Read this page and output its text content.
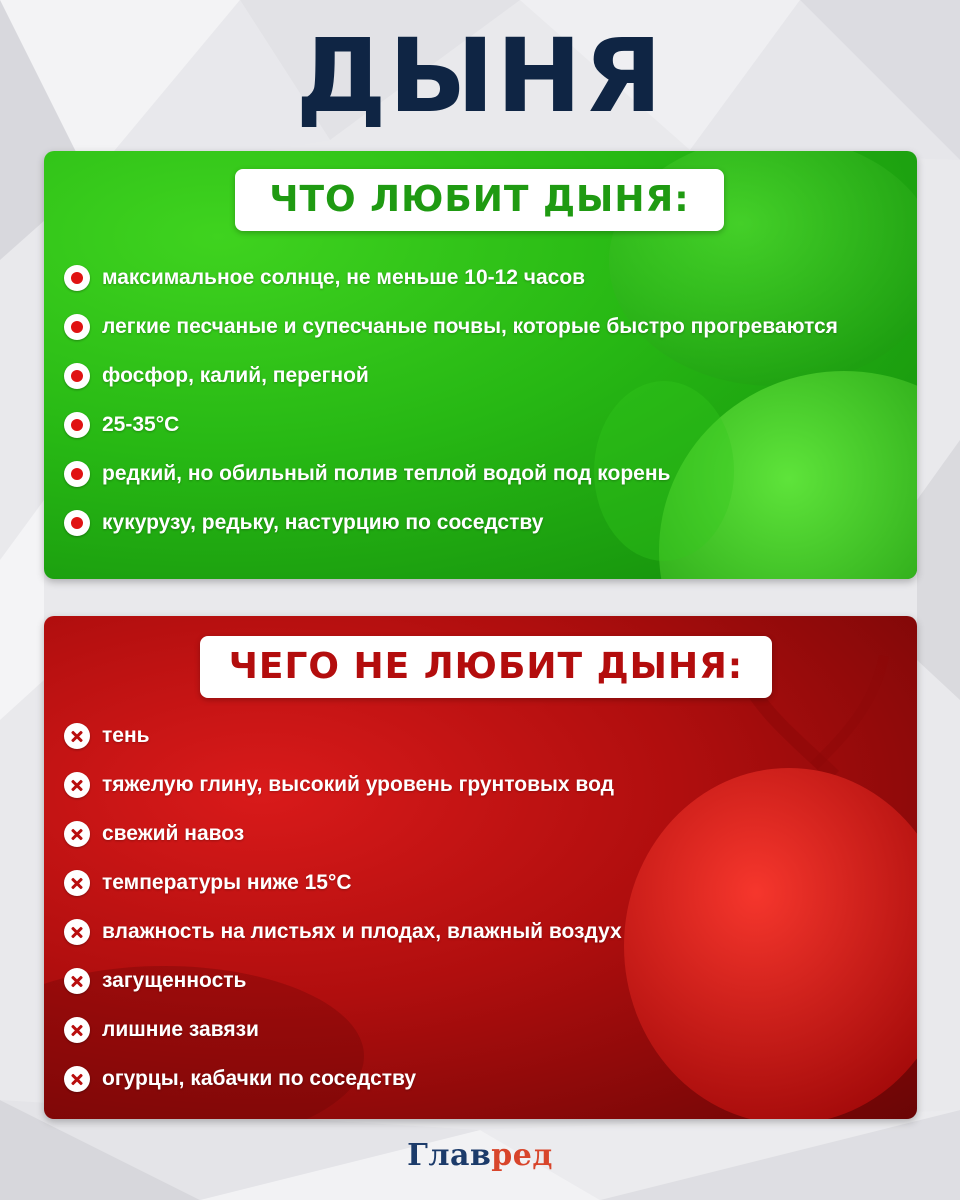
ДЫНЯ
ЧТО ЛЮБИТ ДЫНЯ:
максимальное солнце, не меньше 10-12 часов
легкие песчаные и супесчаные почвы, которые быстро прогреваются
фосфор, калий, перегной
25-35°С
редкий, но обильный полив теплой водой под корень
кукурузу, редьку, настурцию по соседству
ЧЕГО НЕ ЛЮБИТ ДЫНЯ:
тень
тяжелую глину, высокий уровень грунтовых вод
свежий навоз
температуры ниже 15°С
влажность на листьях и плодах, влажный воздух
загущенность
лишние завязи
огурцы, кабачки по соседству
Главред
